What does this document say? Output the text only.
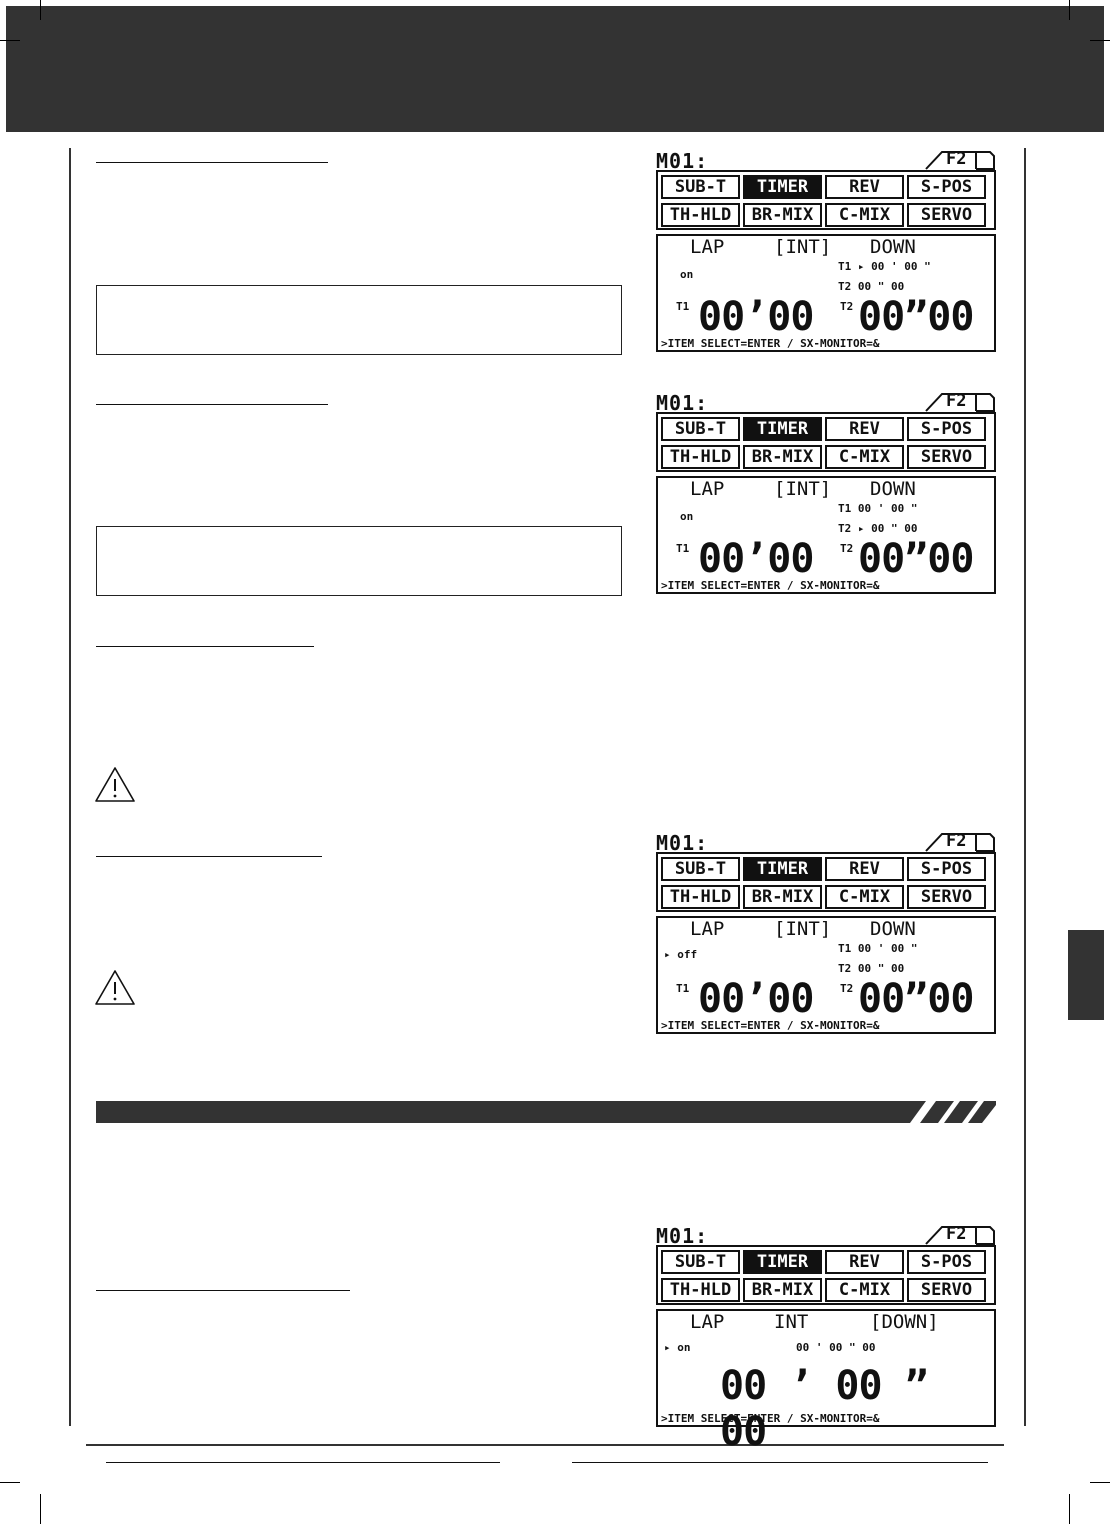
M01:	F2
SUB-T	TIMER	REV	S-POS
TH-HLD	BR-MIX	C-MIX	SERVO
LAP	[INT] DOWN
on
T1 ▸ 00 ' 00 "
T2 00 " 00
T1 00’00 T2 00”00
>ITEM SELECT=ENTER / SX-MONITOR=&
M01:	F2
SUB-T	TIMER	REV	S-POS
TH-HLD	BR-MIX	C-MIX	SERVO
LAP	[INT] DOWN
on
T1 00 ' 00 "
T2 ▸ 00 " 00
T1 00’00 T2 00”00
>ITEM SELECT=ENTER / SX-MONITOR=&
M01:	F2
SUB-T	TIMER	REV	S-POS
TH-HLD	BR-MIX	C-MIX	SERVO
LAP	[INT] DOWN
▸ off	T1 00 ' 00 "
T2 00 " 00
T1 00’00 T2 00”00
>ITEM SELECT=ENTER / SX-MONITOR=&
M01:	F2
SUB-T	TIMER	REV	S-POS
TH-HLD	BR-MIX	C-MIX	SERVO
LAP	INT	[DOWN]
▸ on	00 ' 00 " 00
00 ’ 00 ” 00
>ITEM SELECT=ENTER / SX-MONITOR=&
